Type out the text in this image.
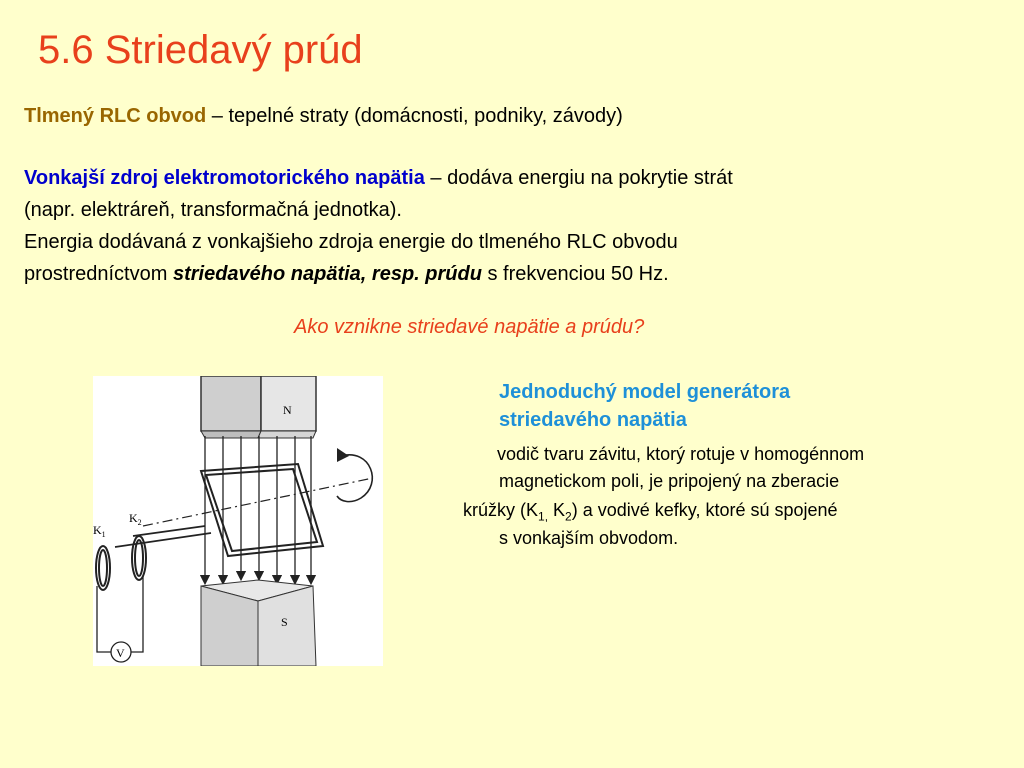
5.6 Striedavý prúd
Tlmený RLC obvod – tepelné straty (domácnosti, podniky, závody)
Vonkajší zdroj elektromotorického napätia – dodáva energiu na pokrytie strát
(napr. elektráreň, transformačná jednotka).
Energia dodávaná z vonkajšieho zdroja energie do tlmeného RLC obvodu
prostredníctvom striedavého napätia, resp. prúdu s frekvenciou 50 Hz.
Ako vznikne striedavé napätie a prúdu?
N
$K_1$
$K_2$
V
S
Jednoduchý model generátora
striedavého napätia
vodič tvaru závitu, ktorý rotuje v homogénnom
magnetickom poli, je pripojený na zberacie
krúžky ($K_{1,}$ $K_2$) a vodivé kefky, ktoré sú spojené
s vonkajším obvodom.
